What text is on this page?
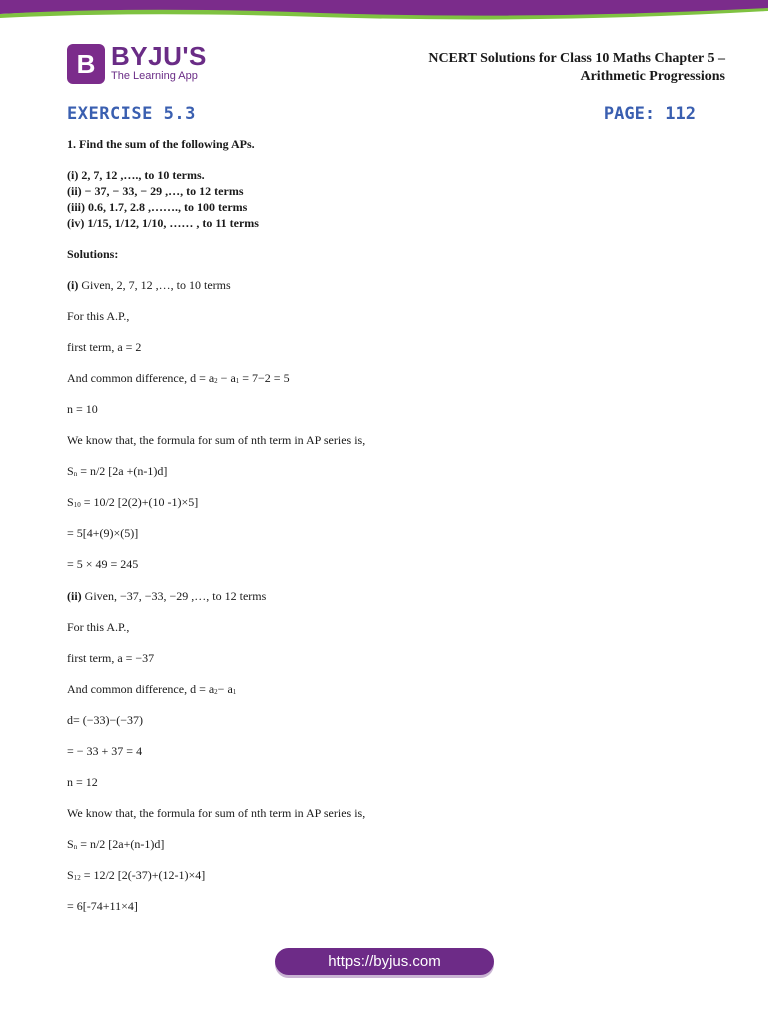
B BYJU'S
The Learning App
NCERT Solutions for Class 10 Maths Chapter 5 –
Arithmetic Progressions
EXERCISE 5.3	PAGE: 112
1. Find the sum of the following APs.
(i) 2, 7, 12 ,…., to 10 terms.
(ii) − 37, − 33, − 29 ,…, to 12 terms
(iii) 0.6, 1.7, 2.8 ,……., to 100 terms
(iv) 1/15, 1/12, 1/10, …… , to 11 terms
Solutions:
(i) Given, 2, 7, 12 ,…, to 10 terms
For this A.P.,
first term, a = 2
And common difference, $d = a_2 - a_1 = 7-2 = 5$
n = 10
We know that, the formula for sum of nth term in AP series is,
$S_n = n/2$ [2a +(n-1)d]
$S_{10} = 10/2$ [2(2)+(10 -1)×5]
= 5[4+(9)×(5)]
= 5 × 49 = 245
(ii) Given, −37, −33, −29 ,…, to 12 terms
For this A.P.,
first term, a = −37
And common difference, $d = a_2- a_1$
d= (−33)−(−37)
= − 33 + 37 = 4
n = 12
We know that, the formula for sum of nth term in AP series is,
$S_n = n/2$ [2a+(n-1)d]
$S_{12} = 12/2$ [2(-37)+(12-1)×4]
= 6[-74+11×4]
https://byjus.com
